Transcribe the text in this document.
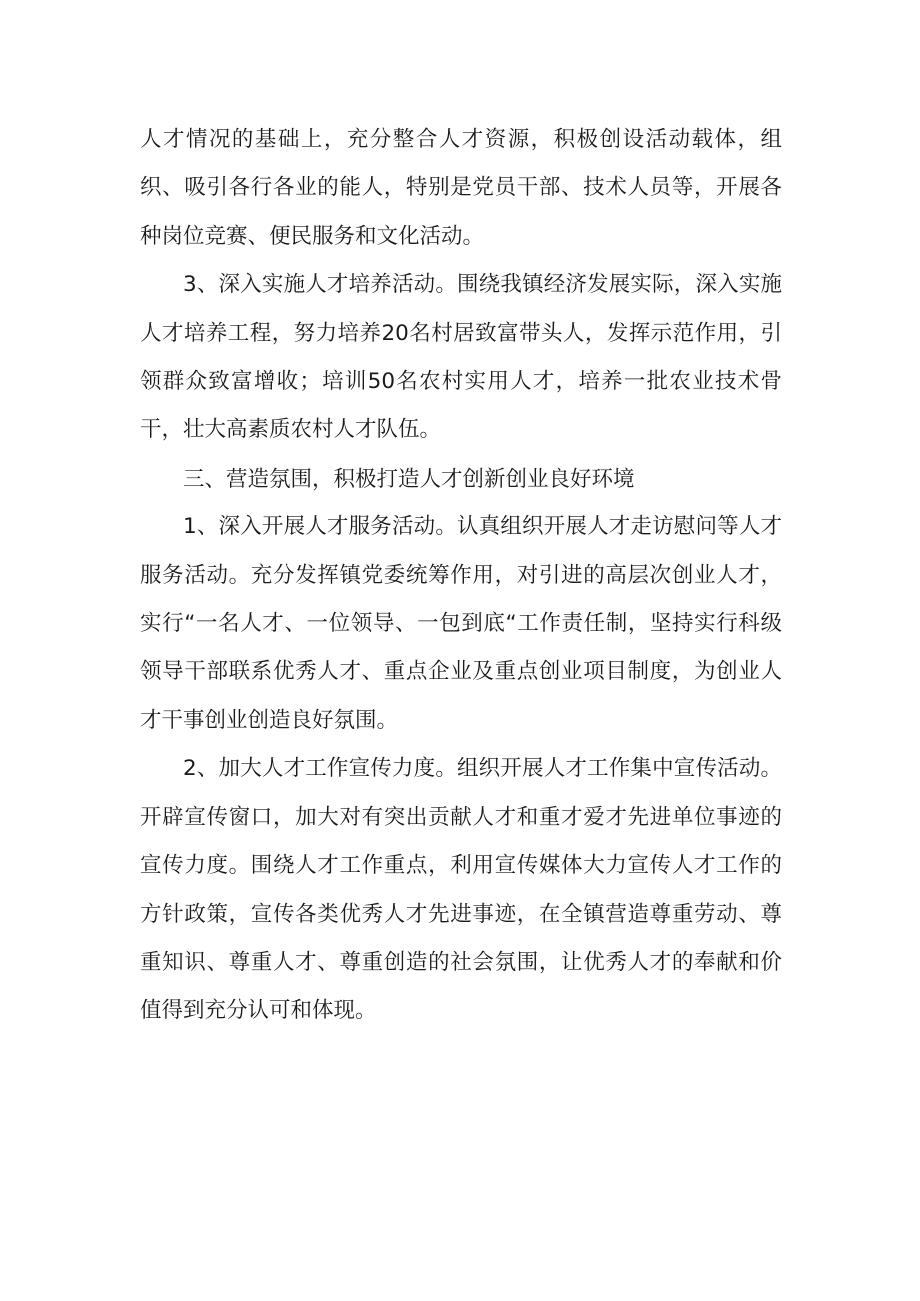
人才情况的基础上，充分整合人才资源，积极创设活动载体，组织、吸引各行各业的能人，特别是党员干部、技术人员等，开展各种岗位竞赛、便民服务和文化活动。

3、深入实施人才培养活动。围绕我镇经济发展实际，深入实施人才培养工程，努力培养20名村居致富带头人，发挥示范作用，引领群众致富增收；培训50名农村实用人才，培养一批农业技术骨干，壮大高素质农村人才队伍。

三、营造氛围，积极打造人才创新创业良好环境

1、深入开展人才服务活动。认真组织开展人才走访慰问等人才服务活动。充分发挥镇党委统筹作用，对引进的高层次创业人才，实行“一名人才、一位领导、一包到底“工作责任制，坚持实行科级领导干部联系优秀人才、重点企业及重点创业项目制度，为创业人才干事创业创造良好氛围。

2、加大人才工作宣传力度。组织开展人才工作集中宣传活动。开辟宣传窗口，加大对有突出贡献人才和重才爱才先进单位事迹的宣传力度。围绕人才工作重点，利用宣传媒体大力宣传人才工作的方针政策，宣传各类优秀人才先进事迹，在全镇营造尊重劳动、尊重知识、尊重人才、尊重创造的社会氛围，让优秀人才的奉献和价值得到充分认可和体现。
